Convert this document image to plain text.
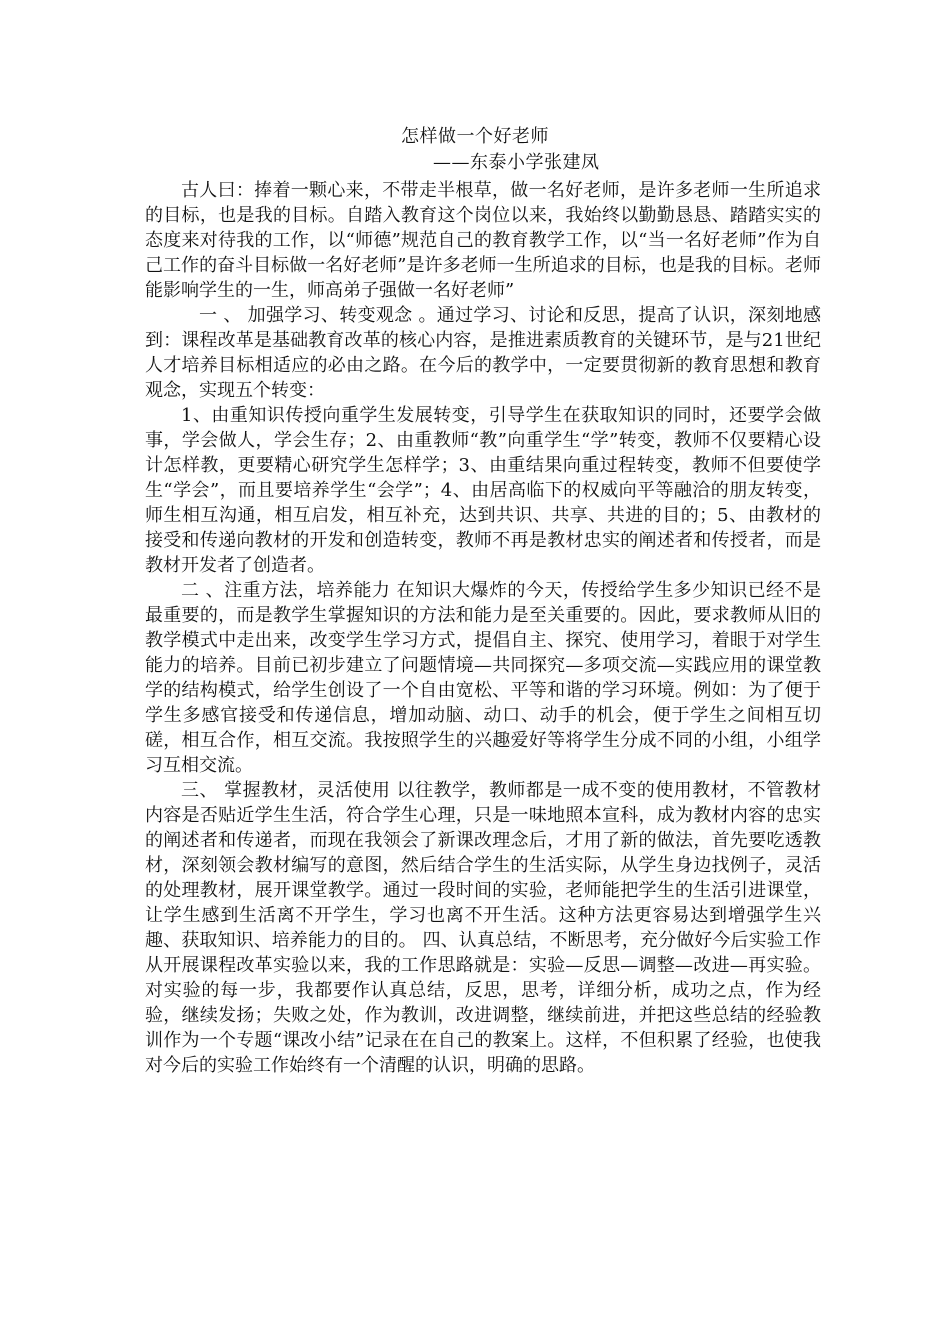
怎样做一个好老师
——东泰小学张建凤

古人曰：捧着一颗心来，不带走半根草，做一名好老师，是许多老师一生所追求的目标，也是我的目标。自踏入教育这个岗位以来，我始终以勤勤恳恳、踏踏实实的态度来对待我的工作，以“师德”规范自己的教育教学工作，以“当一名好老师”作为自己工作的奋斗目标做一名好老师”是许多老师一生所追求的目标，也是我的目标。老师能影响学生的一生，师高弟子强做一名好老师”

一 、 加强学习、转变观念 。通过学习、讨论和反思，提高了认识，深刻地感到：课程改革是基础教育改革的核心内容，是推进素质教育的关键环节，是与21世纪人才培养目标相适应的必由之路。在今后的教学中，一定要贯彻新的教育思想和教育观念，实现五个转变：

1、由重知识传授向重学生发展转变，引导学生在获取知识的同时，还要学会做事，学会做人，学会生存；2、由重教师“教”向重学生“学”转变，教师不仅要精心设计怎样教，更要精心研究学生怎样学；3、由重结果向重过程转变，教师不但要使学生“学会”，而且要培养学生“会学”；4、由居高临下的权威向平等融洽的朋友转变，师生相互沟通，相互启发，相互补充，达到共识、共享、共进的目的；5、由教材的接受和传递向教材的开发和创造转变，教师不再是教材忠实的阐述者和传授者，而是教材开发者了创造者。

二 、注重方法，培养能力 在知识大爆炸的今天，传授给学生多少知识已经不是最重要的，而是教学生掌握知识的方法和能力是至关重要的。因此，要求教师从旧的教学模式中走出来，改变学生学习方式，提倡自主、探究、使用学习，着眼于对学生能力的培养。目前已初步建立了问题情境—共同探究—多项交流—实践应用的课堂教学的结构模式，给学生创设了一个自由宽松、平等和谐的学习环境。例如：为了便于学生多感官接受和传递信息，增加动脑、动口、动手的机会，便于学生之间相互切磋，相互合作，相互交流。我按照学生的兴趣爱好等将学生分成不同的小组，小组学习互相交流。

三、 掌握教材，灵活使用 以往教学，教师都是一成不变的使用教材，不管教材内容是否贴近学生生活，符合学生心理，只是一味地照本宣科，成为教材内容的忠实的阐述者和传递者，而现在我领会了新课改理念后，才用了新的做法，首先要吃透教材，深刻领会教材编写的意图，然后结合学生的生活实际，从学生身边找例子，灵活的处理教材，展开课堂教学。通过一段时间的实验，老师能把学生的生活引进课堂，让学生感到生活离不开学生，学习也离不开生活。这种方法更容易达到增强学生兴趣、获取知识、培养能力的目的。 四、认真总结，不断思考，充分做好今后实验工作 从开展课程改革实验以来，我的工作思路就是：实验—反思—调整—改进—再实验。对实验的每一步，我都要作认真总结，反思，思考，详细分析，成功之点，作为经验，继续发扬；失败之处，作为教训，改进调整，继续前进，并把这些总结的经验教训作为一个专题“课改小结”记录在在自己的教案上。这样，不但积累了经验，也使我对今后的实验工作始终有一个清醒的认识，明确的思路。
